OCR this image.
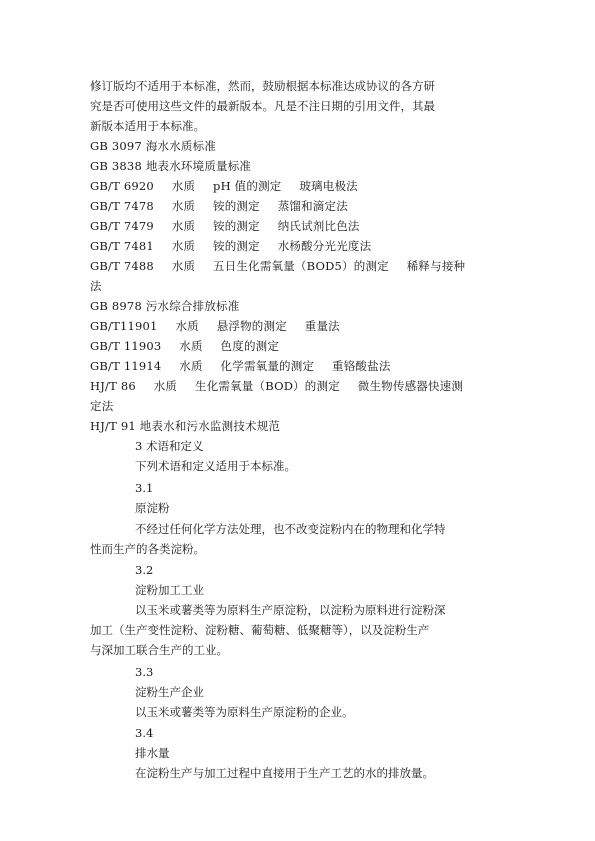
修订版均不适用于本标准，然而，鼓励根据本标准达成协议的各方研
究是否可使用这些文件的最新版本。凡是不注日期的引用文件，其最
新版本适用于本标准。
GB 3097 海水水质标准
GB 3838 地表水环境质量标准
GB/T 6920 水质 pH 值的测定 玻璃电极法
GB/T 7478 水质 铵的测定 蒸馏和滴定法
GB/T 7479 水质 铵的测定 纳氏试剂比色法
GB/T 7481 水质 铵的测定 水杨酸分光光度法
GB/T 7488 水质 五日生化需氧量（BOD5）的测定 稀释与接种
法
GB 8978 污水综合排放标准
GB/T11901 水质 悬浮物的测定 重量法
GB/T 11903 水质 色度的测定
GB/T 11914 水质 化学需氧量的测定 重铬酸盐法
HJ/T 86 水质 生化需氧量（BOD）的测定 微生物传感器快速测
定法
HJ/T 91 地表水和污水监测技术规范
3 术语和定义
下列术语和定义适用于本标准。
3.1
原淀粉
不经过任何化学方法处理，也不改变淀粉内在的物理和化学特
性而生产的各类淀粉。
3.2
淀粉加工工业
以玉米或薯类等为原料生产原淀粉，以淀粉为原料进行淀粉深
加工（生产变性淀粉、淀粉糖、葡萄糖、低聚糖等），以及淀粉生产
与深加工联合生产的工业。
3.3
淀粉生产企业
以玉米或薯类等为原料生产原淀粉的企业。
3.4
排水量
在淀粉生产与加工过程中直接用于生产工艺的水的排放量。
